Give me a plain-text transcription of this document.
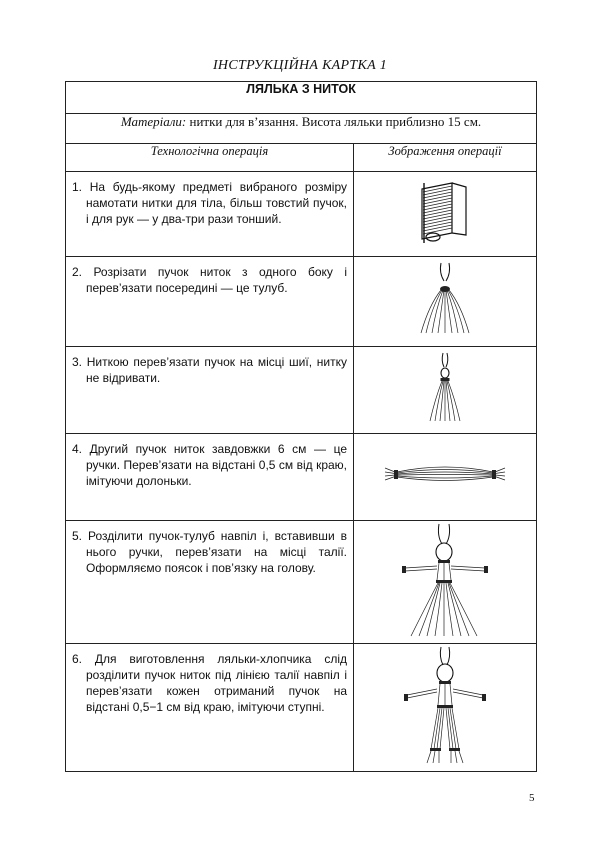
ІНСТРУКЦІЙНА КАРТКА 1
ЛЯЛЬКА З НИТОК	
Матеріали: нитки для в’язання. Висота ляльки приблизно 15 см.	
Технологічна операція	Зображення операції

1. На будь-якому предметі вибраного розміру намотати нитки для тіла, більш товстий пучок, і для рук — у два-три рази тонший.

2. Розрізати пучок ниток з одного боку і перев’язати посередині — це тулуб.

3. Ниткою перев’язати пучок на місці шиї, нитку не відривати.

4. Другий пучок ниток завдовжки 6 см — це ручки. Перев’язати на відстані 0,5 см від краю, імітуючи долоньки.

5. Розділити пучок-тулуб навпіл і, вставивши в нього ручки, перев’язати на місці талії. Оформляємо поясок і пов’язку на голову.

6. Для виготовлення ляльки-хлопчика слід розділити пучок ниток під лінією талії навпіл і перев’язати кожен отриманий пучок на відстані 0,5−1 см від краю, імітуючи ступні.

5
